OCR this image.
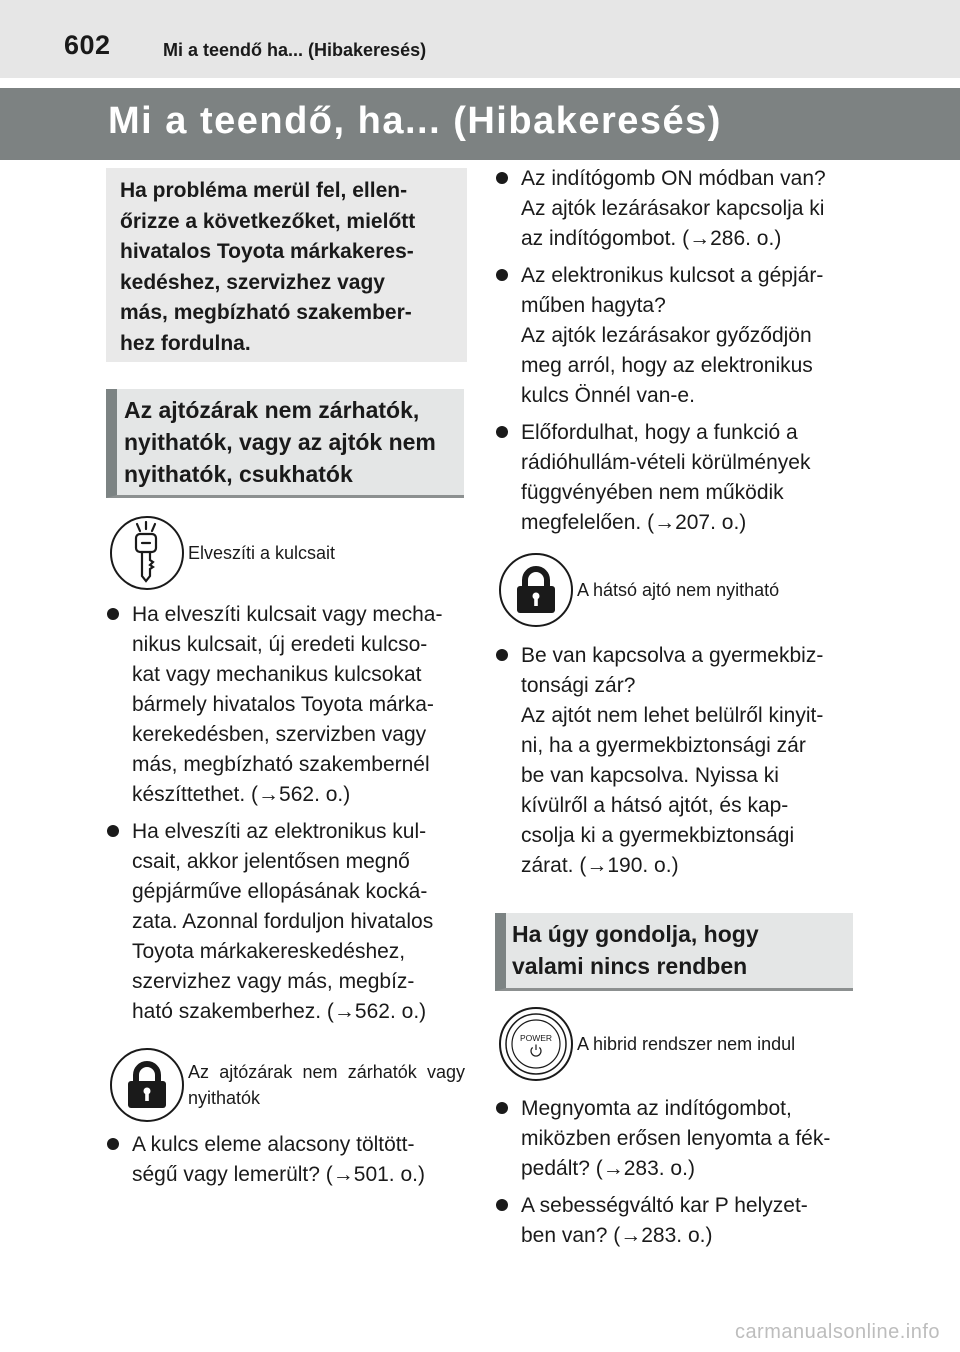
602	Mi a teendő ha... (Hibakeresés)
Mi a teendő, ha... (Hibakeresés)

Ha probléma merül fel, ellen-
őrizze a következőket, mielőtt
hivatalos Toyota márkakeres-
kedéshez, szervizhez vagy
más, megbízható szakember-
hez fordulna.

Az ajtózárak nem zárhatók,
nyithatók, vagy az ajtók nem
nyithatók, csukhatók
Elveszíti a kulcsait
Ha elveszíti kulcsait vagy mecha-
nikus kulcsait, új eredeti kulcso-
kat vagy mechanikus kulcsokat
bármely hivatalos Toyota márka-
kerekedésben, szervizben vagy
más, megbízható szakembernél
készíttethet. (→562. o.)
Ha elveszíti az elektronikus kul-
csait, akkor jelentősen megnő
gépjárművе ellopásának kocká-
zata. Azonnal forduljon hivatalos
Toyota márkakereskedéshez,
szervizhez vagy más, megbíz-
ható szakemberhez. (→562. o.)
Az ajtózárak nem zárhatók vagy nyithatók
A kulcs eleme alacsony töltött-
ségű vagy lemerült? (→501. o.)
Az indítógomb ON módban van?
Az ajtók lezárásakor kapcsolja ki
az indítógombot. (→286. o.)
Az elektronikus kulcsot a gépjár-
műben hagyta?
Az ajtók lezárásakor győződjön
meg arról, hogy az elektronikus
kulcs Önnél van-e.
Előfordulhat, hogy a funkció a
rádióhullám-vételi körülmények
függvényében nem működik
megfelelően. (→207. o.)
A hátsó ajtó nem nyitható
Be van kapcsolva a gyermekbiz-
tonsági zár?
Az ajtót nem lehet belülről kinyit-
ni, ha a gyermekbiztonsági zár
be van kapcsolva. Nyissa ki
kívülről a hátsó ajtót, és kap-
csolja ki a gyermekbiztonsági
zárat. (→190. o.)
Ha úgy gondolja, hogy
valami nincs rendben
POWER A hibrid rendszer nem indul
Megnyomta az indítógombot,
miközben erősen lenyomta a fék-
pedált? (→283. o.)
A sebességváltó kar P helyzet-
ben van? (→283. o.)
carmanualsonline.info
